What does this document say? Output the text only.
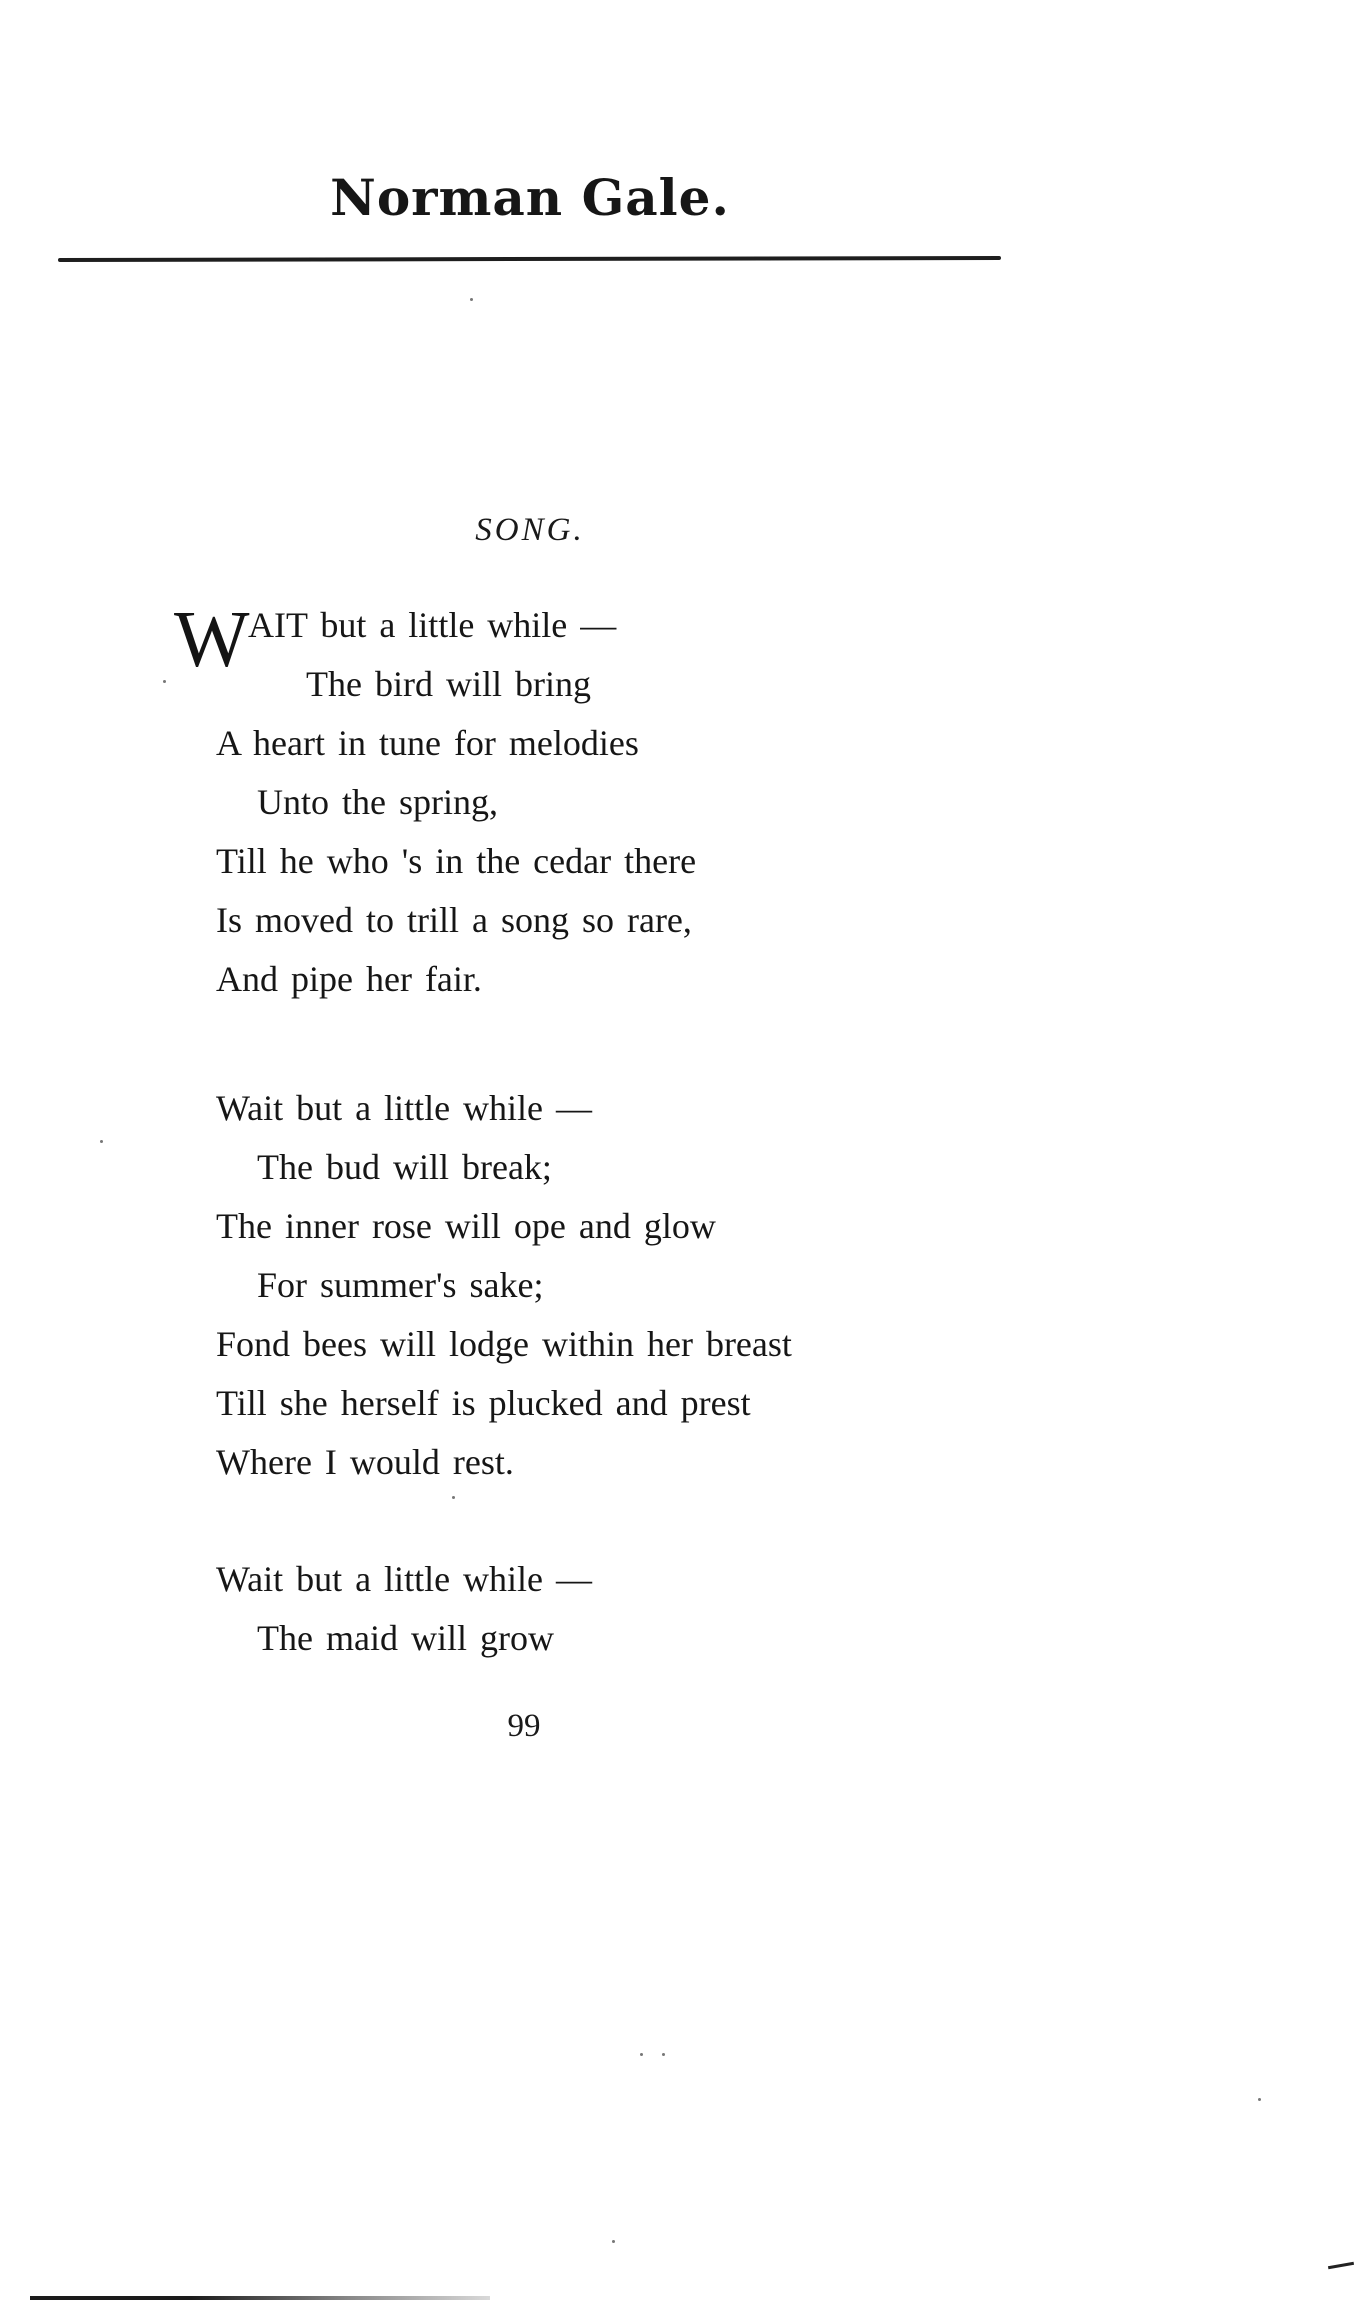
Norman Gale.
SONG.
W
AIT but a little while —
The bird will bring
A heart in tune for melodies
Unto the spring,
Till he who 's in the cedar there
Is moved to trill a song so rare,
And pipe her fair.
Wait but a little while —
The bud will break;
The inner rose will ope and glow
For summer's sake;
Fond bees will lodge within her breast
Till she herself is plucked and prest
Where I would rest.
Wait but a little while —
The maid will grow
99
